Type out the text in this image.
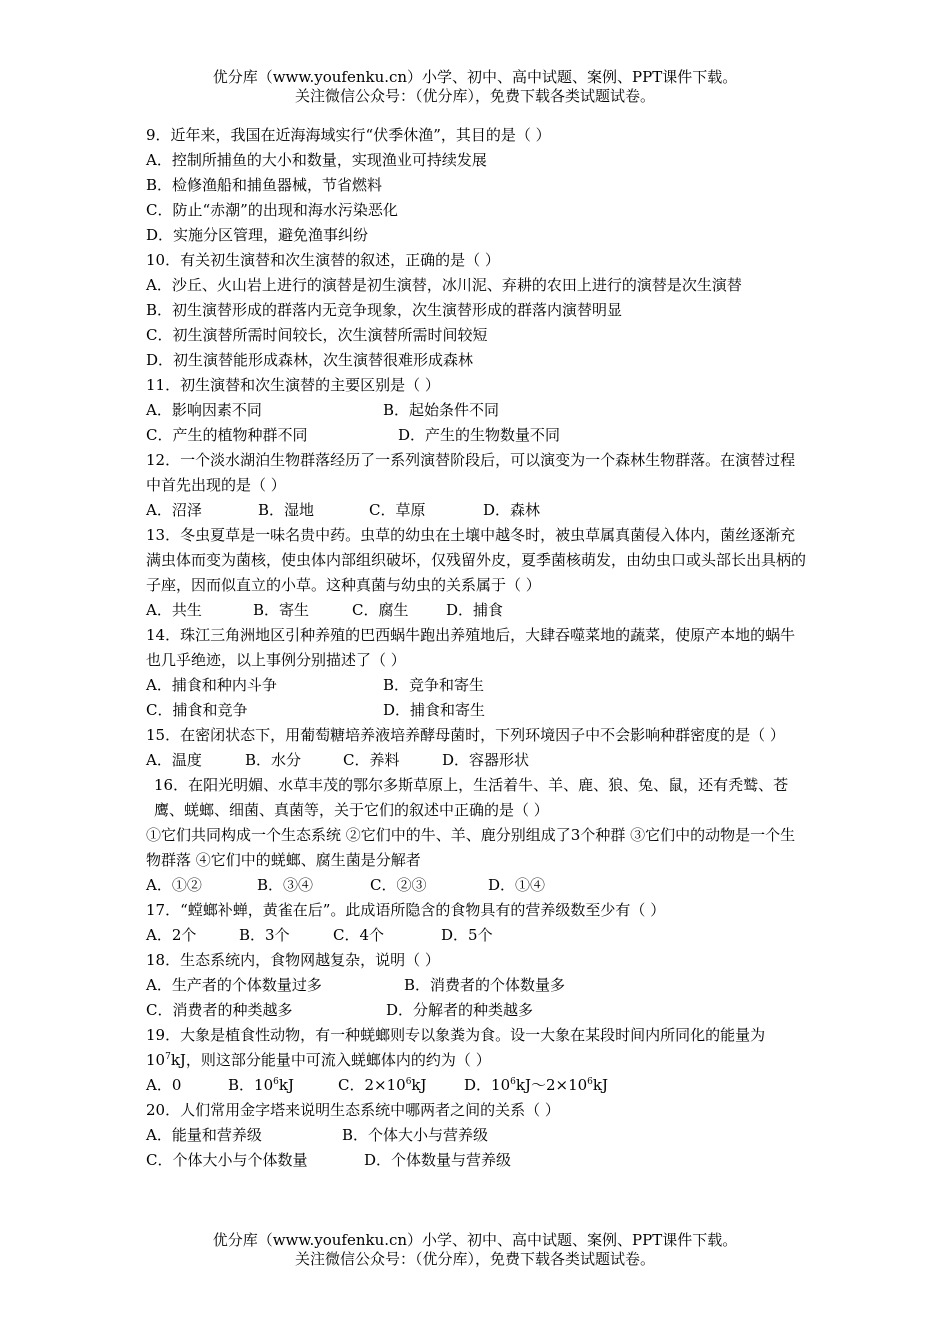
优分库（www.youfenku.cn）小学、初中、高中试题、案例、PPT课件下载。
关注微信公众号：（优分库），免费下载各类试题试卷。
9．近年来，我国在近海海域实行“伏季休渔”，其目的是（ ）
A．控制所捕鱼的大小和数量，实现渔业可持续发展
B．检修渔船和捕鱼器械，节省燃料
C．防止“赤潮”的出现和海水污染恶化
D．实施分区管理，避免渔事纠纷
10．有关初生演替和次生演替的叙述，正确的是（ ）
A．沙丘、火山岩上进行的演替是初生演替，冰川泥、弃耕的农田上进行的演替是次生演替
B．初生演替形成的群落内无竞争现象，次生演替形成的群落内演替明显
C．初生演替所需时间较长，次生演替所需时间较短
D．初生演替能形成森林，次生演替很难形成森林
11．初生演替和次生演替的主要区别是（ ）
A．影响因素不同	B．起始条件不同
C．产生的植物种群不同	D．产生的生物数量不同
12．一个淡水湖泊生物群落经历了一系列演替阶段后，可以演变为一个森林生物群落。在演替过程中首先出现的是（ ）
A．沼泽	B．湿地	C．草原	D．森林
13．冬虫夏草是一味名贵中药。虫草的幼虫在土壤中越冬时，被虫草属真菌侵入体内，菌丝逐渐充满虫体而变为菌核，使虫体内部组织破坏，仅残留外皮，夏季菌核萌发，由幼虫口或头部长出具柄的子座，因而似直立的小草。这种真菌与幼虫的关系属于（ ）
A．共生	B．寄生	C．腐生	D．捕食
14．珠江三角洲地区引种养殖的巴西蜗牛跑出养殖地后，大肆吞噬菜地的蔬菜，使原产本地的蜗牛也几乎绝迹，以上事例分别描述了（ ）
A．捕食和种内斗争	B．竞争和寄生
C．捕食和竞争	D．捕食和寄生
15．在密闭状态下，用葡萄糖培养液培养酵母菌时，下列环境因子中不会影响种群密度的是（ ）
A．温度	B．水分	C．养料	D．容器形状
16．在阳光明媚、水草丰茂的鄂尔多斯草原上，生活着牛、羊、鹿、狼、兔、鼠，还有秃鹫、苍鹰、蜣螂、细菌、真菌等，关于它们的叙述中正确的是（ ）
①它们共同构成一个生态系统 ②它们中的牛、羊、鹿分别组成了3个种群 ③它们中的动物是一个生物群落 ④它们中的蜣螂、腐生菌是分解者
A．①②	B．③④	C．②③	D．①④
17．“螳螂补蝉，黄雀在后”。此成语所隐含的食物具有的营养级数至少有（ ）
A．2个	B．3个	C．4个	D．5个
18．生态系统内，食物网越复杂，说明（ ）
A．生产者的个体数量过多	B．消费者的个体数量多
C．消费者的种类越多	D．分解者的种类越多
19．大象是植食性动物，有一种蜣螂则专以象粪为食。设一大象在某段时间内所同化的能量为$10^7kJ$，则这部分能量中可流入蜣螂体内的约为（ ）
A．0	B．$10^6kJ$	C．$2\times 10^6kJ$ D．$10^6kJ\sim 2\times 10^6kJ$
20．人们常用金字塔来说明生态系统中哪两者之间的关系（ ）
A．能量和营养级	B．个体大小与营养级
C．个体大小与个体数量	D．个体数量与营养级
优分库（www.youfenku.cn）小学、初中、高中试题、案例、PPT课件下载。
关注微信公众号：（优分库），免费下载各类试题试卷。
